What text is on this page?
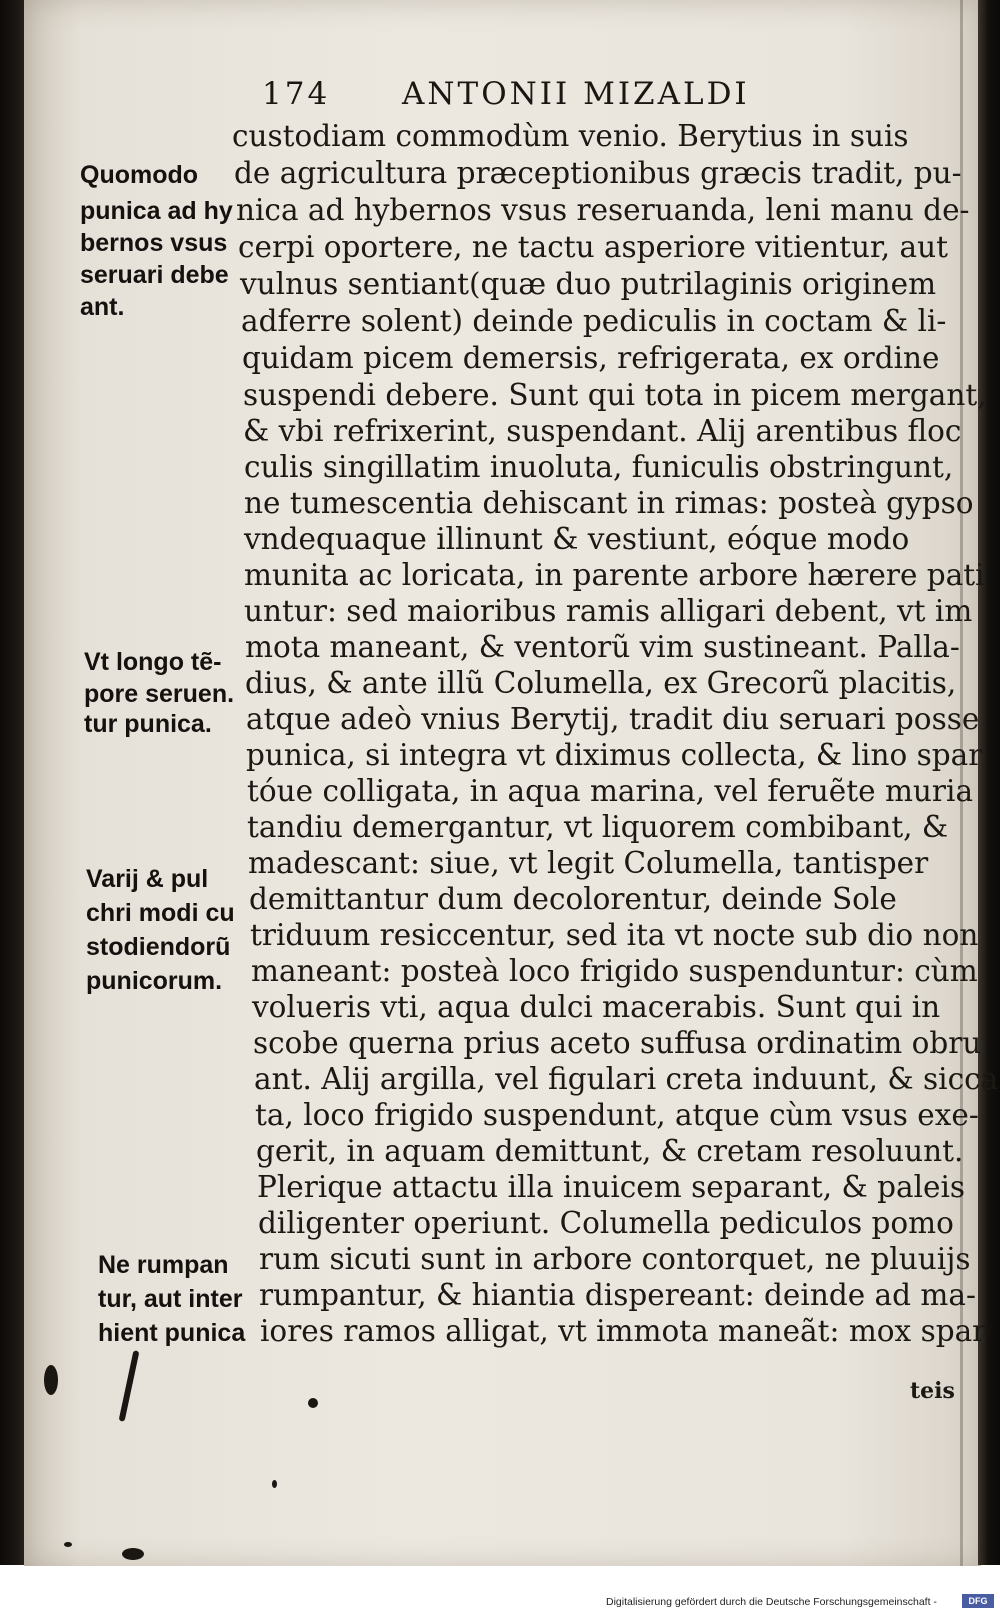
174 ANTONII MIZALDI
custodiam commodùm venio. Berytius in suis
de agricultura præceptionibus græcis tradit, pu-
nica ad hybernos vsus reseruanda, leni manu de-
cerpi oportere, ne tactu asperiore vitientur, aut
vulnus sentiant(quæ duo putrilaginis originem
adferre solent) deinde pediculis in coctam & li-
quidam picem demersis, refrigerata, ex ordine
suspendi debere. Sunt qui tota in picem mergant,
& vbi refrixerint, suspendant. Alij arentibus floc
culis singillatim inuoluta, funiculis obstringunt,
ne tumescentia dehiscant in rimas: posteà gypso
vndequaque illinunt & vestiunt, eóque modo
munita ac loricata, in parente arbore hærere pati
untur: sed maioribus ramis alligari debent, vt im
mota maneant, & ventorũ vim sustineant. Palla-
dius, & ante illũ Columella, ex Grecorũ placitis,
atque adeò vnius Berytij, tradit diu seruari posse
punica, si integra vt diximus collecta, & lino spar
tóue colligata, in aqua marina, vel feruẽte muria
tandiu demergantur, vt liquorem combibant, &
madescant: siue, vt legit Columella, tantisper
demittantur dum decolorentur, deinde Sole
triduum resiccentur, sed ita vt nocte sub dio non
maneant: posteà loco frigido suspenduntur: cùm
volueris vti, aqua dulci macerabis. Sunt qui in
scobe querna prius aceto suffusa ordinatim obru
ant. Alij argilla, vel figulari creta induunt, & sicca
ta, loco frigido suspendunt, atque cùm vsus exe-
gerit, in aquam demittunt, & cretam resoluunt.
Plerique attactu illa inuicem separant, & paleis
diligenter operiunt. Columella pediculos pomo
rum sicuti sunt in arbore contorquet, ne pluuijs
rumpantur, & hiantia dispereant: deinde ad ma-
iores ramos alligat, vt immota maneãt: mox spar
Quomodo
punica ad hy
bernos vsus
seruari debe
ant.
Vt longo tẽ-
pore seruen.
tur punica.
Varij & pul
chri modi cu
stodiendorũ
punicorum.
Ne rumpan
tur, aut inter
hient punica
teis
Digitalisierung gefördert durch die Deutsche Forschungsgemeinschaft -	DFG
